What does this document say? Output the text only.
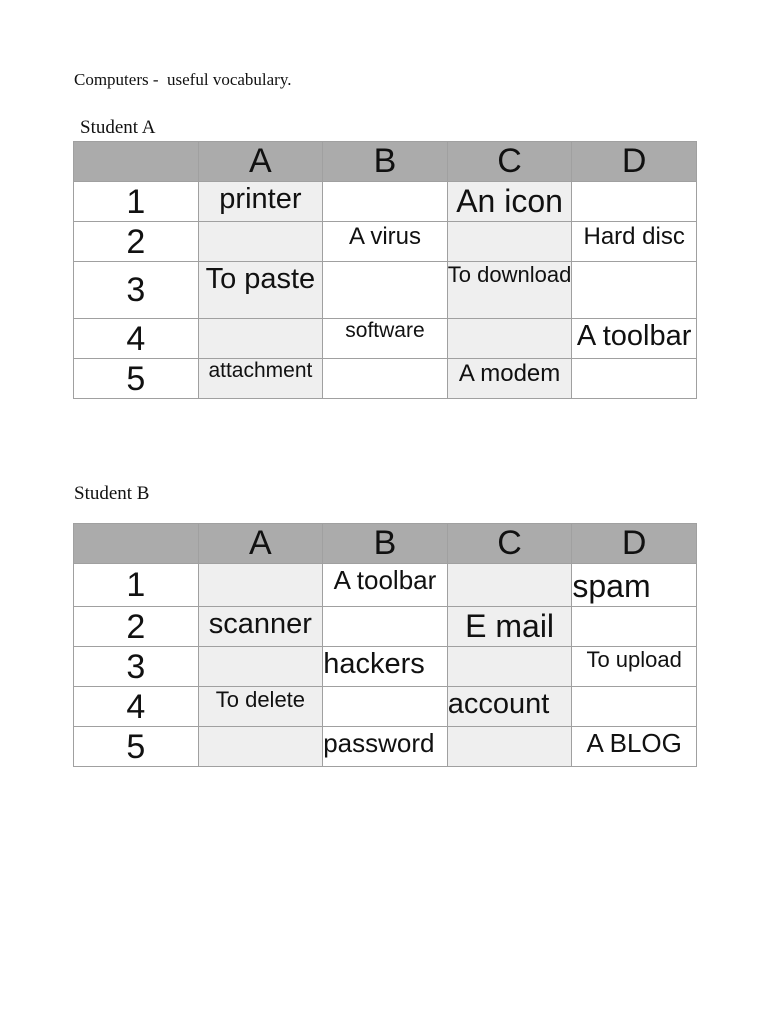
Computers -  useful vocabulary.
Student A
	A	B	C	D
1	printer		An icon	
2		A virus		Hard disc
3	To paste		To download	
4		software		A toolbar
5	attachment		A modem	
Student B
	A	B	C	D
1		A toolbar		spam
2	scanner		E mail	
3		hackers		To upload
4	To delete		account	
5		password		A BLOG
